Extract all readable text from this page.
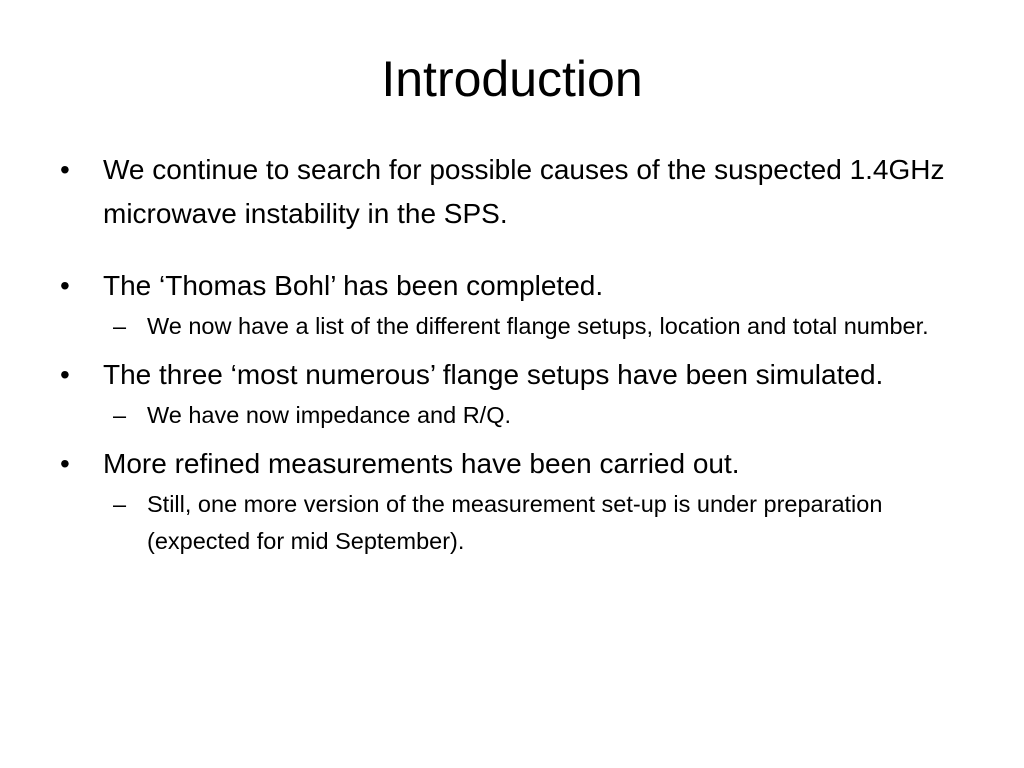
Introduction
•	We continue to search for possible causes of the suspected 1.4GHz microwave instability in the SPS.
•	The ‘Thomas Bohl’ has been completed.
– We now have a list of the different flange setups, location and total number.
•	The three ‘most numerous’ flange setups have been simulated.
– We have now impedance and R/Q.
•	More refined measurements have been carried out.
– Still, one more version of the measurement set-up is under preparation (expected for mid September).
